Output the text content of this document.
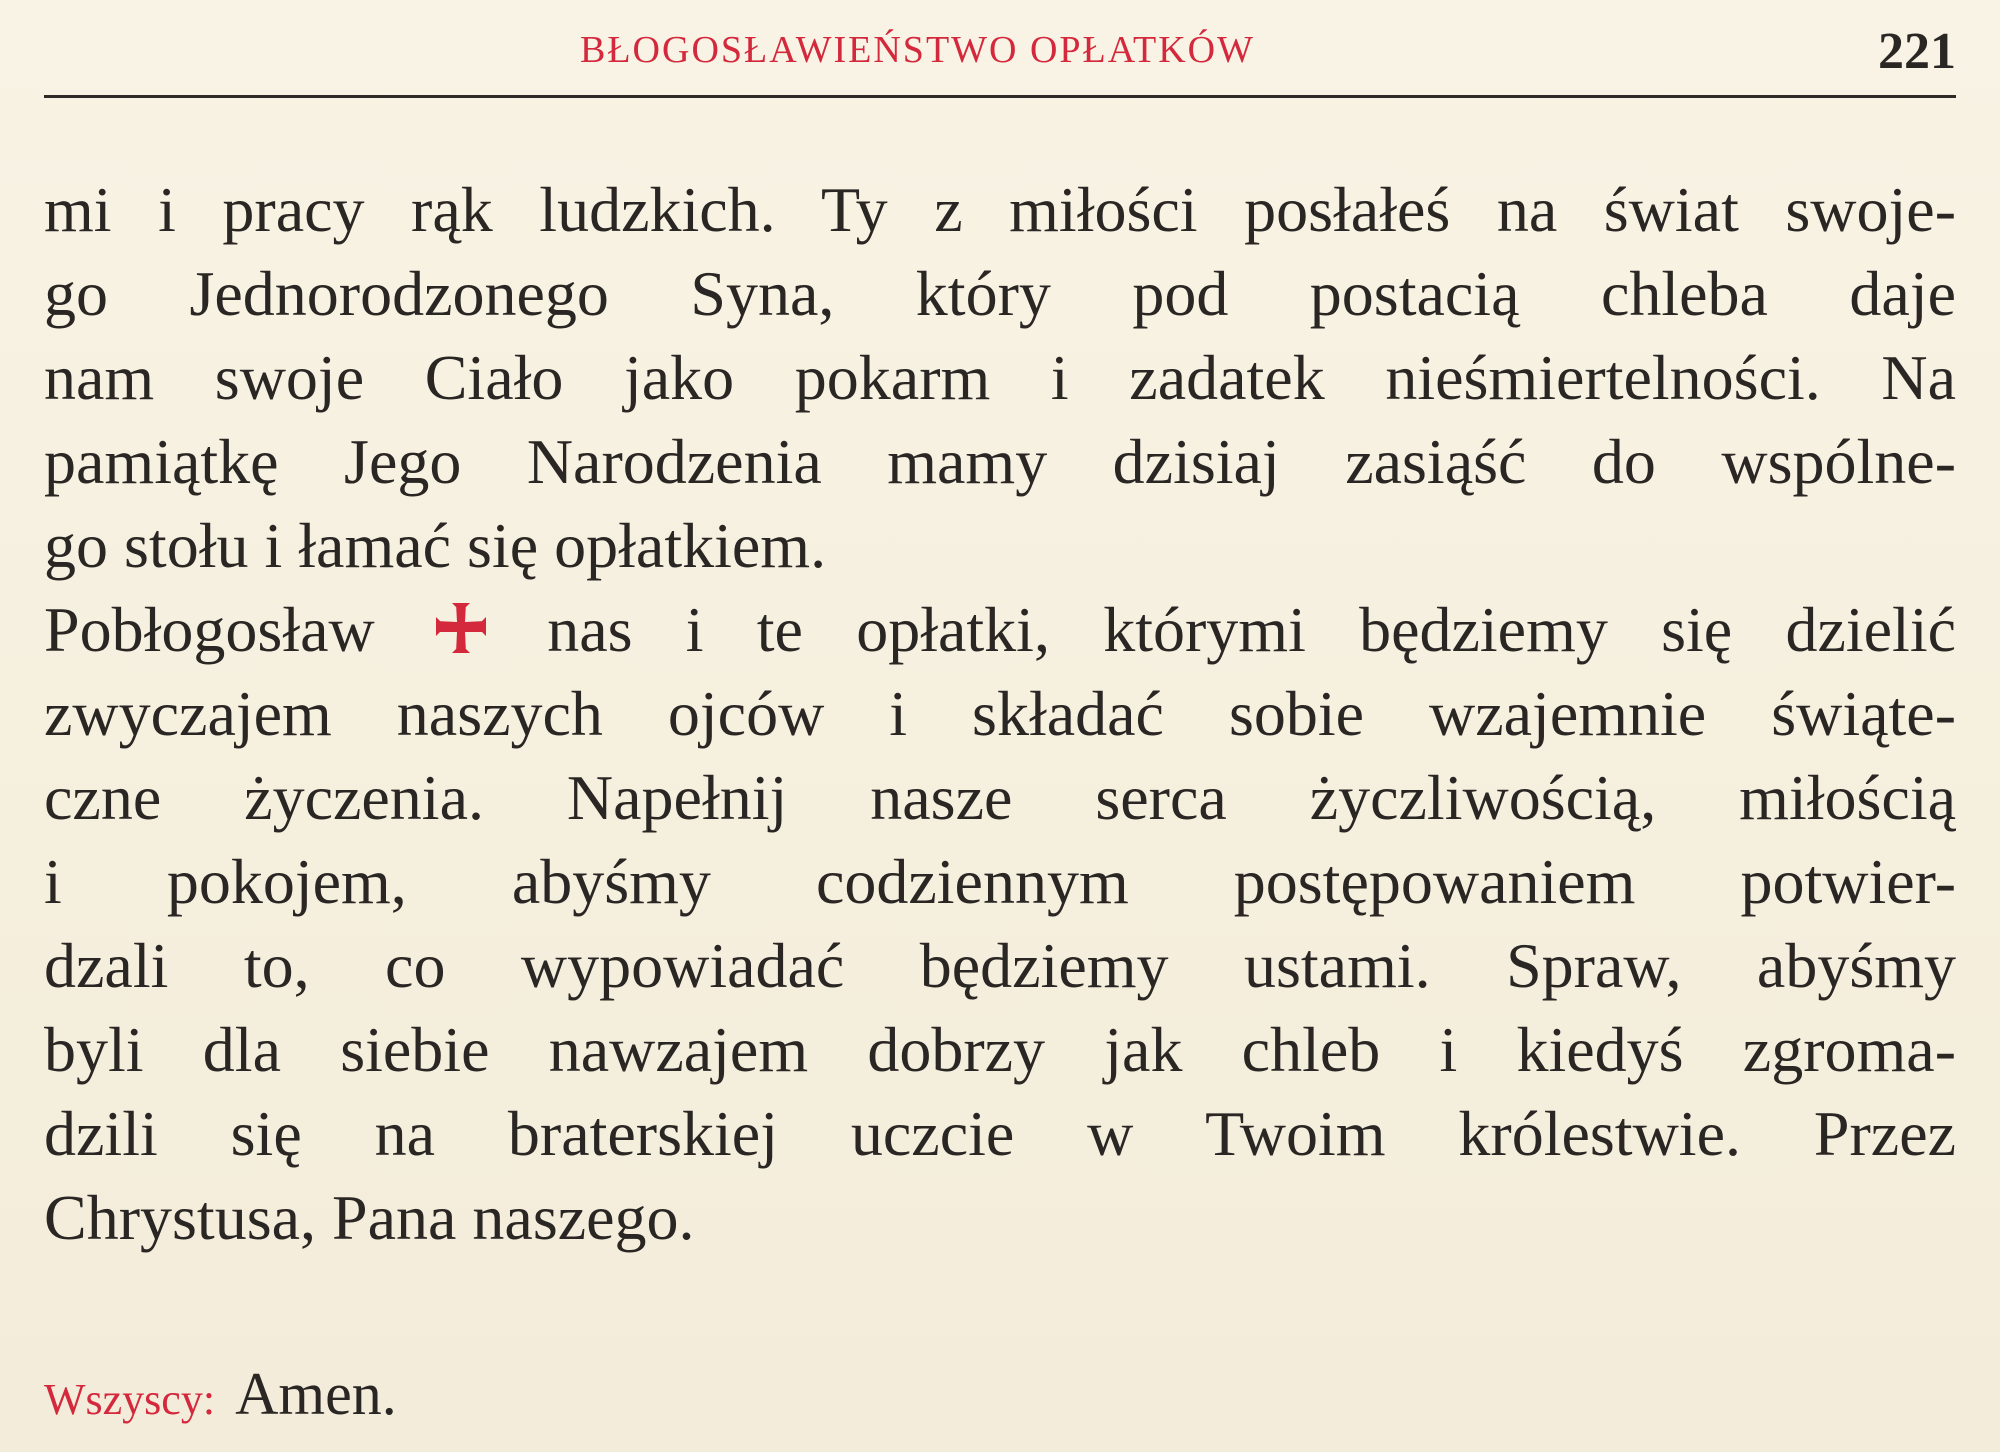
BŁOGOSŁAWIEŃSTWO OPŁATKÓW	221
mi i pracy rąk ludzkich. Ty z miłości posłałeś na świat swoje-
go Jednorodzonego Syna, który pod postacią chleba daje
nam swoje Ciało jako pokarm i zadatek nieśmiertelności. Na
pamiątkę Jego Narodzenia mamy dzisiaj zasiąść do wspólne-
go stołu i łamać się opłatkiem.
Pobłogosław	nas i te opłatki, którymi będziemy się dzielić
zwyczajem naszych ojców i składać sobie wzajemnie świąte-
czne życzenia. Napełnij nasze serca życzliwością, miłością
i pokojem, abyśmy codziennym postępowaniem potwier-
dzali to, co wypowiadać będziemy ustami. Spraw, abyśmy
byli dla siebie nawzajem dobrzy jak chleb i kiedyś zgroma-
dzili się na braterskiej uczcie w Twoim królestwie. Przez
Chrystusa, Pana naszego.
Wszyscy: Amen.
